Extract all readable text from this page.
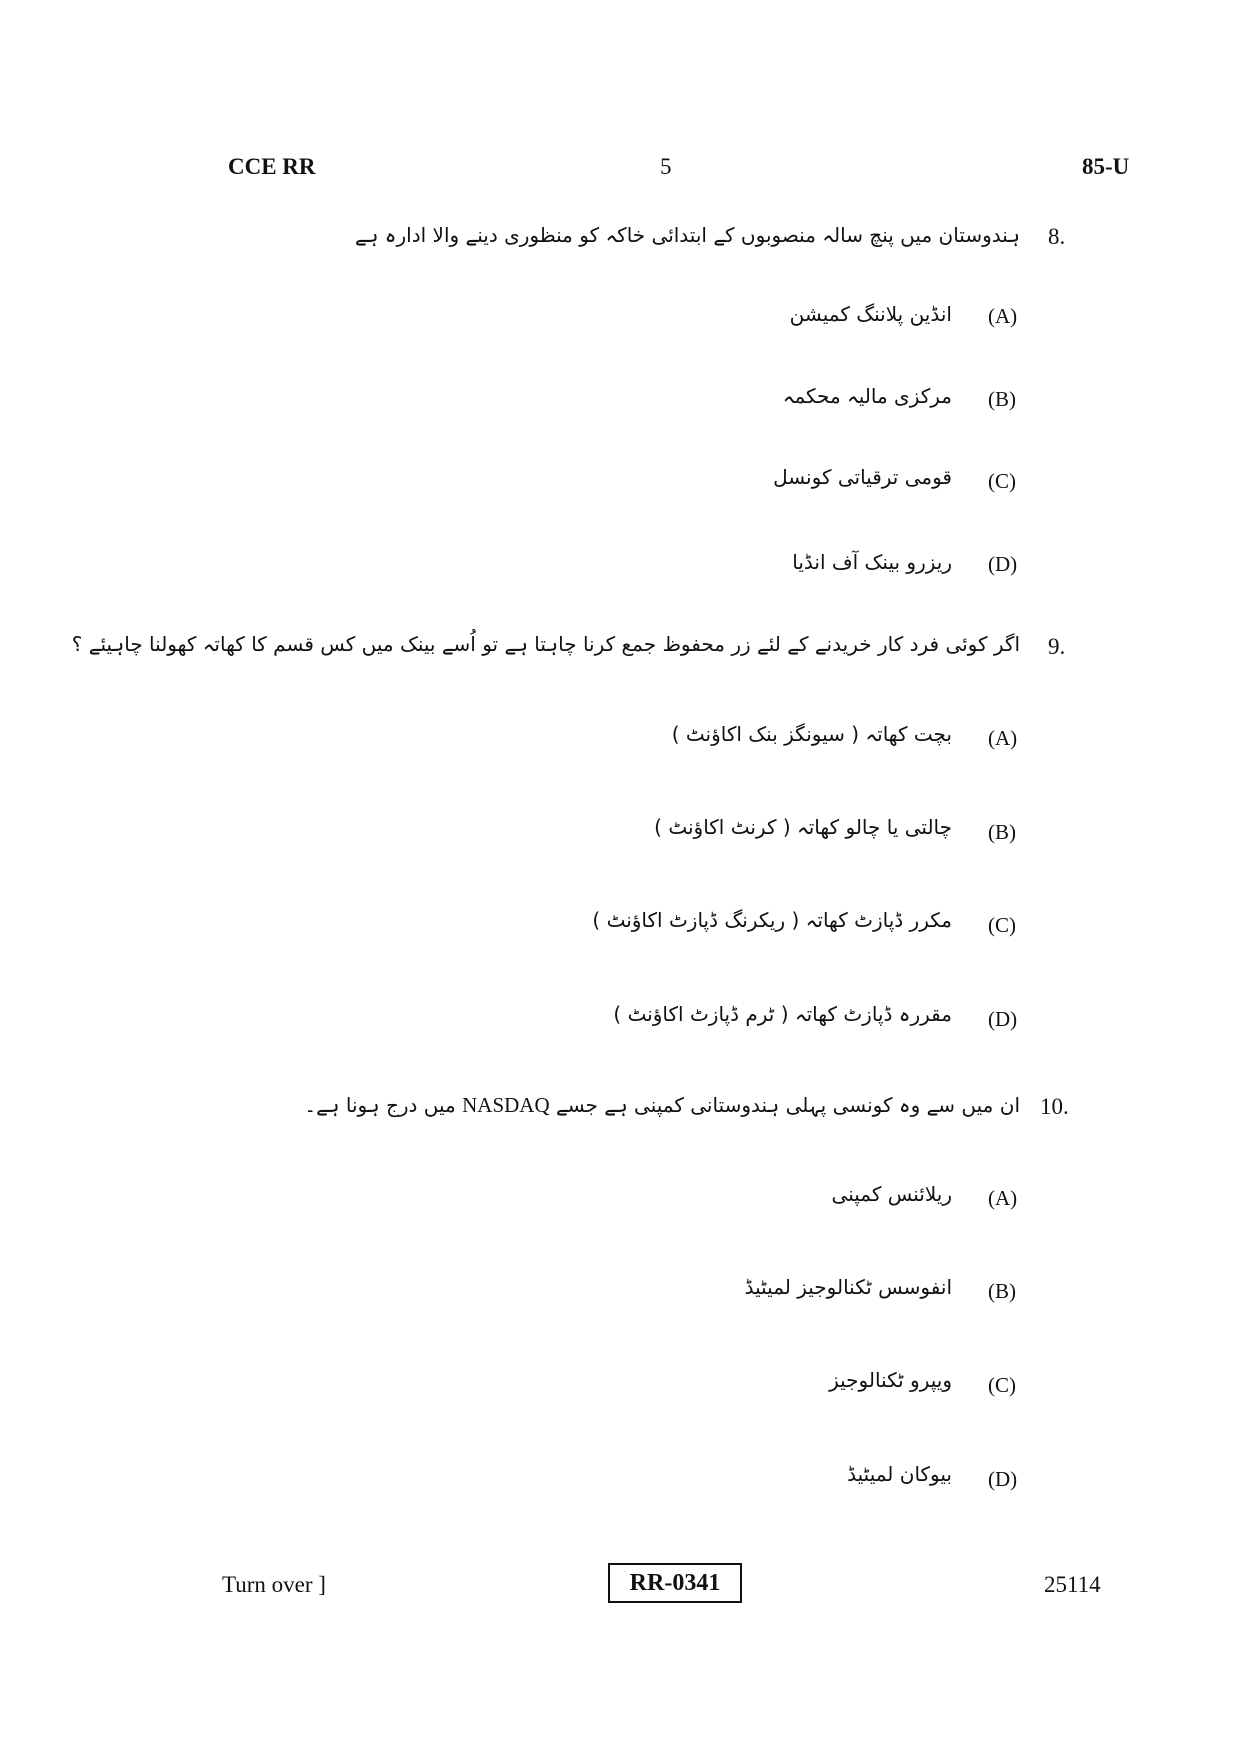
CCE RR	5	85-U
8.
ہندوستان میں پنچ سالہ منصوبوں کے ابتدائی خاکہ کو منظوری دینے والا ادارہ ہے
(A)
انڈین پلاننگ کمیشن
(B)
مرکزی مالیہ محکمہ
(C)
قومی ترقیاتی کونسل
(D)
ریزرو بینک آف انڈیا
9.
اگر کوئی فرد کار خریدنے کے لئے زر محفوظ جمع کرنا چاہتا ہے تو اُسے بینک میں کس قسم کا کھاتہ کھولنا چاہیئے ؟
(A)
بچت کھاتہ ( سیونگز بنک اکاؤنٹ )
(B)
چالتی یا چالو کھاتہ ( کرنٹ اکاؤنٹ )
(C)
مکرر ڈپازٹ کھاتہ ( ریکرنگ ڈپازٹ اکاؤنٹ )
(D)
مقررہ ڈپازٹ کھاتہ ( ٹرم ڈپازٹ اکاؤنٹ )
10.
ان میں سے وہ کونسی پہلی ہندوستانی کمپنی ہے جسے NASDAQ میں درج ہونا ہے۔
(A)
ریلائنس کمپنی
(B)
انفوسس ٹکنالوجیز لمیٹیڈ
(C)
ویپرو ٹکنالوجیز
(D)
بیوکان لمیٹیڈ
Turn over ]	RR-0341	25114
